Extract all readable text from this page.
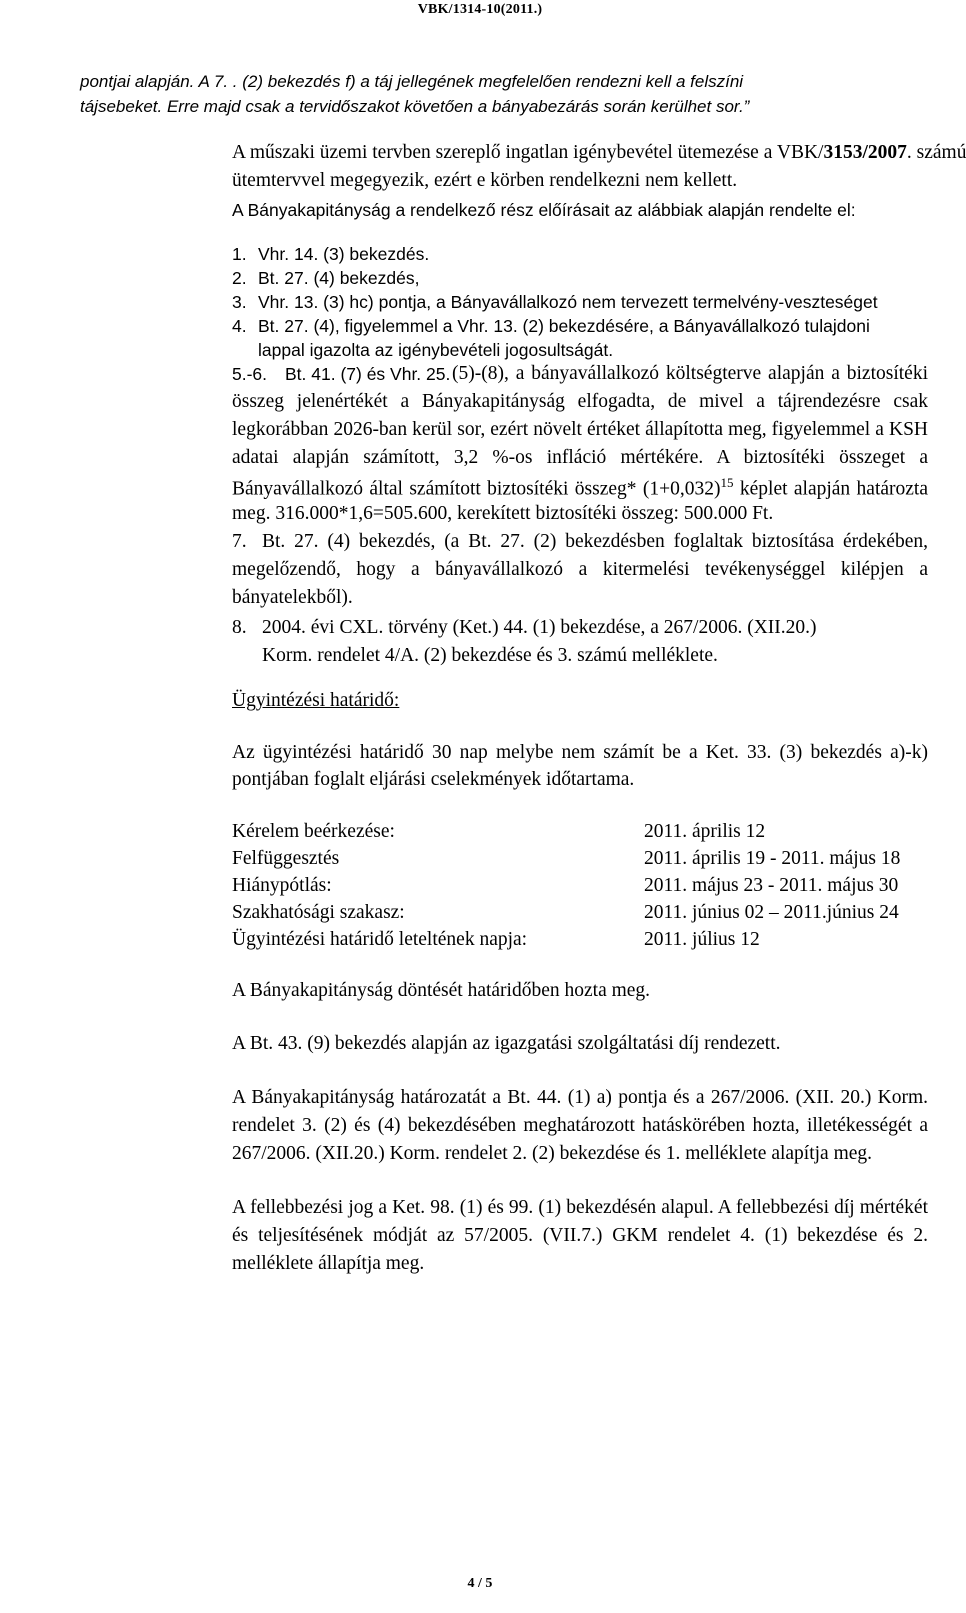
VBK/1314-10(2011.)
pontjai alapján. A 7. . (2) bekezdés f) a táj jellegének megfelelően rendezni kell a felszíni
tájsebeket. Erre majd csak a tervidőszakot követően a bányabezárás során kerülhet sor.”
A műszaki üzemi tervben szereplő ingatlan igénybevétel ütemezése a VBK/3153/2007. számú
ütemtervvel megegyezik, ezért e körben rendelkezni nem kellett.
A Bányakapitányság a rendelkező rész előírásait az alábbiak alapján rendelte el:
1. Vhr. 14. (3) bekezdés.
2. Bt. 27. (4) bekezdés,
3. Vhr. 13. (3) hc) pontja, a Bányavállalkozó nem tervezett termelvény-veszteséget
4. Bt. 27. (4), figyelemmel a Vhr. 13. (2) bekezdésére, a Bányavállalkozó tulajdoni
lappal igazolta az igénybevételi jogosultságát.
5.-6. Bt. 41. (7) és Vhr. 25. (5)-(8), a bányavállalkozó költségterve alapján a biztosítéki
összeg jelenértékét a Bányakapitányság elfogadta, de mivel a tájrendezésre csak
legkorábban 2026-ban kerül sor, ezért növelt értéket állapította meg, figyelemmel a KSH
adatai alapján számított, 3,2 %-os infláció mértékére. A biztosítéki összeget a
Bányavállalkozó által számított biztosítéki összeg* $(1+0,032)^{15}$ képlet alapján határozta
meg. 316.000*1,6=505.600, kerekített biztosítéki összeg: 500.000 Ft.
7. Bt. 27. (4) bekezdés, (a Bt. 27. (2) bekezdésben foglaltak biztosítása érdekében,
megelőzendő, hogy a bányavállalkozó a kitermelési tevékenységgel kilépjen a
bányatelekből).
8. 2004. évi CXL. törvény (Ket.) 44. (1) bekezdése, a 267/2006. (XII.20.)
Korm. rendelet 4/A. (2) bekezdése és 3. számú melléklete.
Ügyintézési határidő:
Az ügyintézési határidő 30 nap melybe nem számít be a Ket. 33. (3) bekezdés a)-k)
pontjában foglalt eljárási cselekmények időtartama.
Kérelem beérkezése:	2011. április 12
Felfüggesztés	2011. április 19 - 2011. május 18
Hiánypótlás:	2011. május 23 - 2011. május 30
Szakhatósági szakasz:	2011. június 02 – 2011.június 24
Ügyintézési határidő leteltének napja:	2011. július 12
A Bányakapitányság döntését határidőben hozta meg.
A Bt. 43. (9) bekezdés alapján az igazgatási szolgáltatási díj rendezett.
A Bányakapitányság határozatát a Bt. 44. (1) a) pontja és a 267/2006. (XII. 20.) Korm.
rendelet 3. (2) és (4) bekezdésében meghatározott hatáskörében hozta, illetékességét a
267/2006. (XII.20.) Korm. rendelet 2. (2) bekezdése és 1. melléklete alapítja meg.
A fellebbezési jog a Ket. 98. (1) és 99. (1) bekezdésén alapul. A fellebbezési díj mértékét
és teljesítésének módját az 57/2005. (VII.7.) GKM rendelet 4. (1) bekezdése és 2.
melléklete állapítja meg.
4 / 5
